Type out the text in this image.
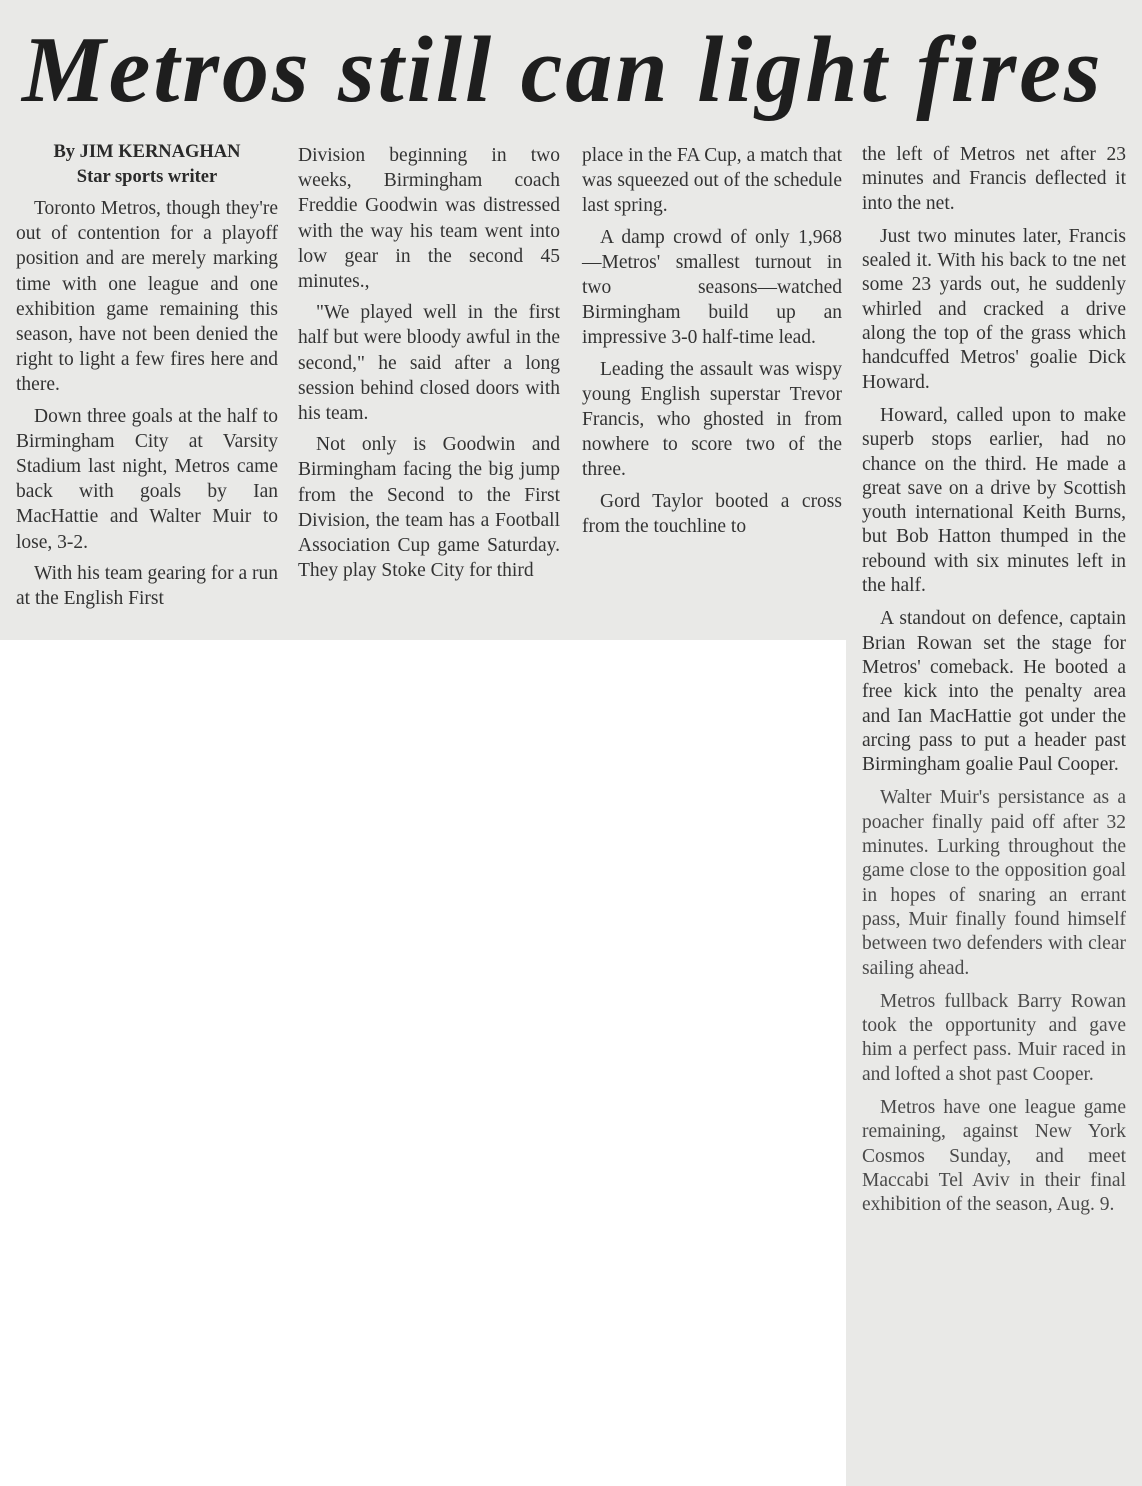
Metros still can light fires
By JIM KERNAGHAN
Star sports writer

Toronto Metros, though they're out of contention for a playoff position and are merely marking time with one league and one exhibition game remaining this season, have not been denied the right to light a few fires here and there.

Down three goals at the half to Birmingham City at Varsity Stadium last night, Metros came back with goals by Ian MacHattie and Walter Muir to lose, 3-2.

With his team gearing for a run at the English First

Division beginning in two weeks, Birmingham coach Freddie Goodwin was distressed with the way his team went into low gear in the second 45 minutes.,

"We played well in the first half but were bloody awful in the second," he said after a long session behind closed doors with his team.

Not only is Goodwin and Birmingham facing the big jump from the Second to the First Division, the team has a Football Association Cup game Saturday. They play Stoke City for third

place in the FA Cup, a match that was squeezed out of the schedule last spring.

A damp crowd of only 1,968—Metros' smallest turnout in two seasons—watched Birmingham build up an impressive 3-0 half-time lead.

Leading the assault was wispy young English superstar Trevor Francis, who ghosted in from nowhere to score two of the three.

Gord Taylor booted a cross from the touchline to

the left of Metros net after 23 minutes and Francis deflected it into the net.

Just two minutes later, Francis sealed it. With his back to tne net some 23 yards out, he suddenly whirled and cracked a drive along the top of the grass which handcuffed Metros' goalie Dick Howard.

Howard, called upon to make superb stops earlier, had no chance on the third. He made a great save on a drive by Scottish youth international Keith Burns, but Bob Hatton thumped in the rebound with six minutes left in the half.

A standout on defence, captain Brian Rowan set the stage for Metros' comeback. He booted a free kick into the penalty area and Ian MacHattie got under the arcing pass to put a header past Birmingham goalie Paul Cooper.

Walter Muir's persistance as a poacher finally paid off after 32 minutes. Lurking throughout the game close to the opposition goal in hopes of snaring an errant pass, Muir finally found himself between two defenders with clear sailing ahead.

Metros fullback Barry Rowan took the opportunity and gave him a perfect pass. Muir raced in and lofted a shot past Cooper.

Metros have one league game remaining, against New York Cosmos Sunday, and meet Maccabi Tel Aviv in their final exhibition of the season, Aug. 9.
